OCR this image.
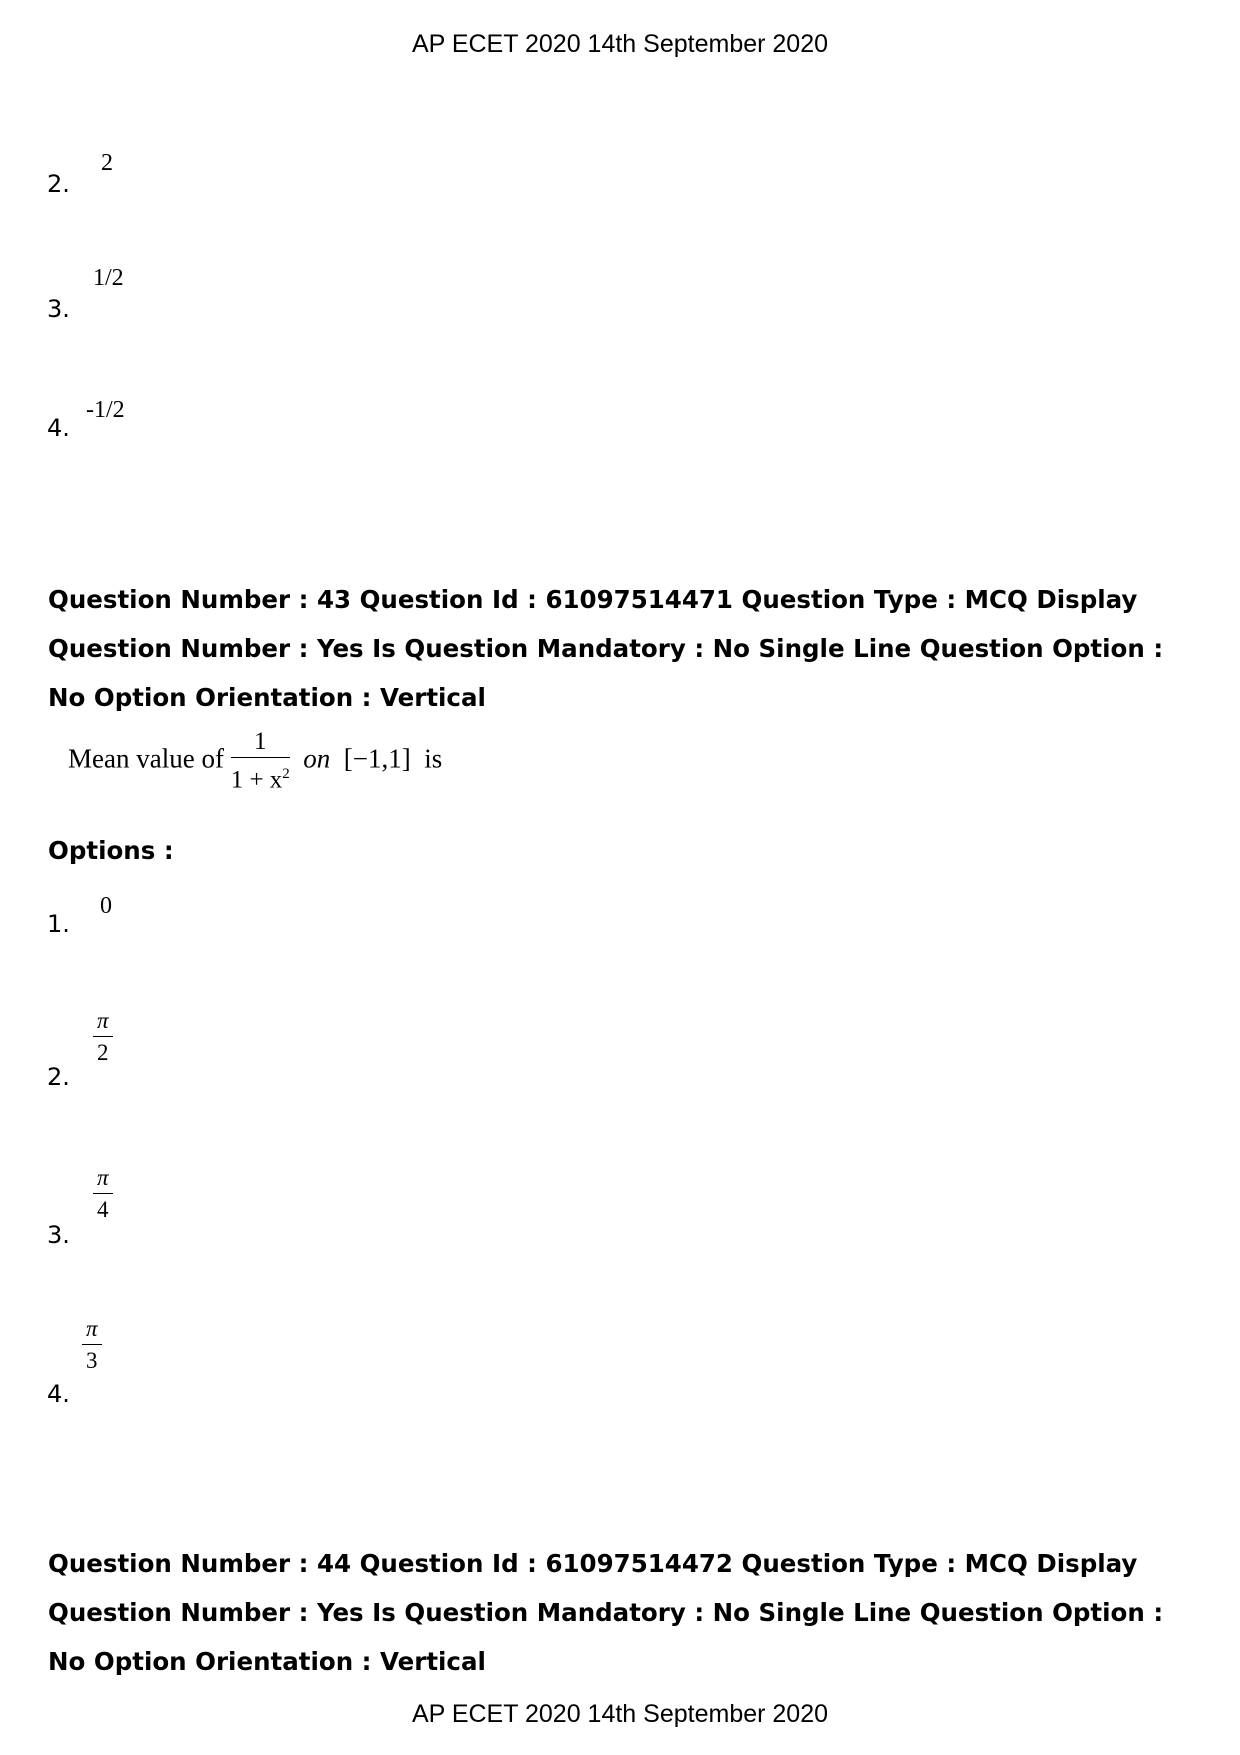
AP ECET 2020 14th September 2020
2.
2
3.
1/2
4.
-1/2
Question Number : 43 Question Id : 61097514471 Question Type : MCQ Display Question Number : Yes Is Question Mandatory : No Single Line Question Option : No Option Orientation : Vertical
Mean value of $\frac{1}{1 + x^2}$ on [−1,1] is
Options :
1.
0
2.
$\frac{\pi}{2}$
3.
$\frac{\pi}{4}$
4.
$\frac{\pi}{3}$
Question Number : 44 Question Id : 61097514472 Question Type : MCQ Display Question Number : Yes Is Question Mandatory : No Single Line Question Option : No Option Orientation : Vertical
AP ECET 2020 14th September 2020
